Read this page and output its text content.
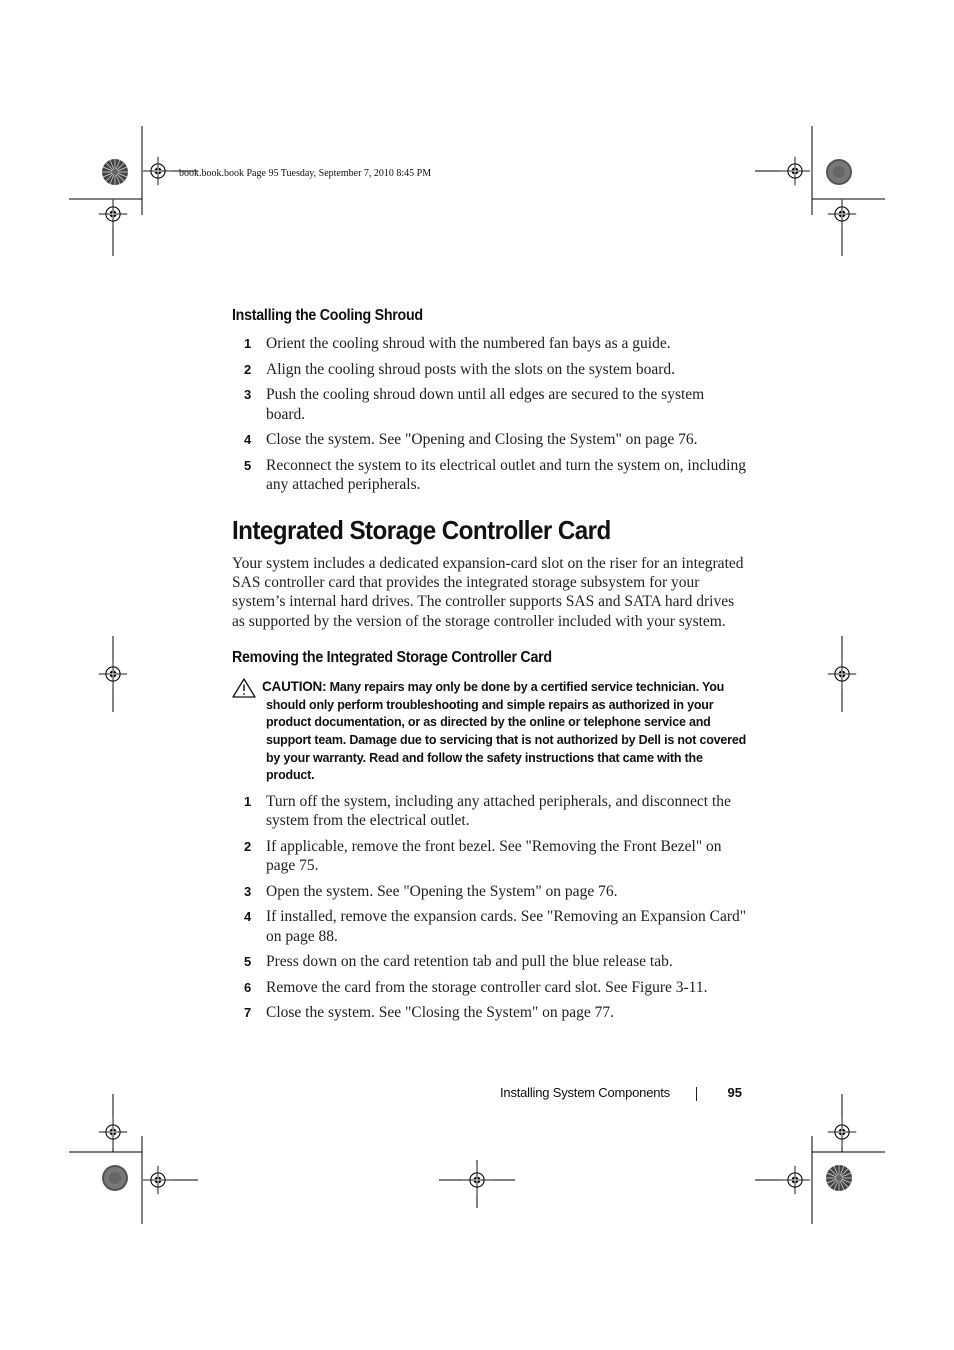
book.book.book Page 95 Tuesday, September 7, 2010 8:45 PM
Installing the Cooling Shroud
1 Orient the cooling shroud with the numbered fan bays as a guide.
2 Align the cooling shroud posts with the slots on the system board.
3 Push the cooling shroud down until all edges are secured to the system board.
4 Close the system. See "Opening and Closing the System" on page 76.
5 Reconnect the system to its electrical outlet and turn the system on, including any attached peripherals.
Integrated Storage Controller Card

Your system includes a dedicated expansion-card slot on the riser for an integrated SAS controller card that provides the integrated storage subsystem for your system’s internal hard drives. The controller supports SAS and SATA hard drives as supported by the version of the storage controller included with your system.

Removing the Integrated Storage Controller Card
CAUTION: Many repairs may only be done by a certified service technician. You should only perform troubleshooting and simple repairs as authorized in your product documentation, or as directed by the online or telephone service and support team. Damage due to servicing that is not authorized by Dell is not covered by your warranty. Read and follow the safety instructions that came with the product.
1 Turn off the system, including any attached peripherals, and disconnect the system from the electrical outlet.
2 If applicable, remove the front bezel. See "Removing the Front Bezel" on page 75.
3 Open the system. See "Opening the System" on page 76.
4 If installed, remove the expansion cards. See "Removing an Expansion Card" on page 88.
5 Press down on the card retention tab and pull the blue release tab.
6 Remove the card from the storage controller card slot. See Figure 3-11.
7 Close the system. See "Closing the System" on page 77.
Installing System Components	95
